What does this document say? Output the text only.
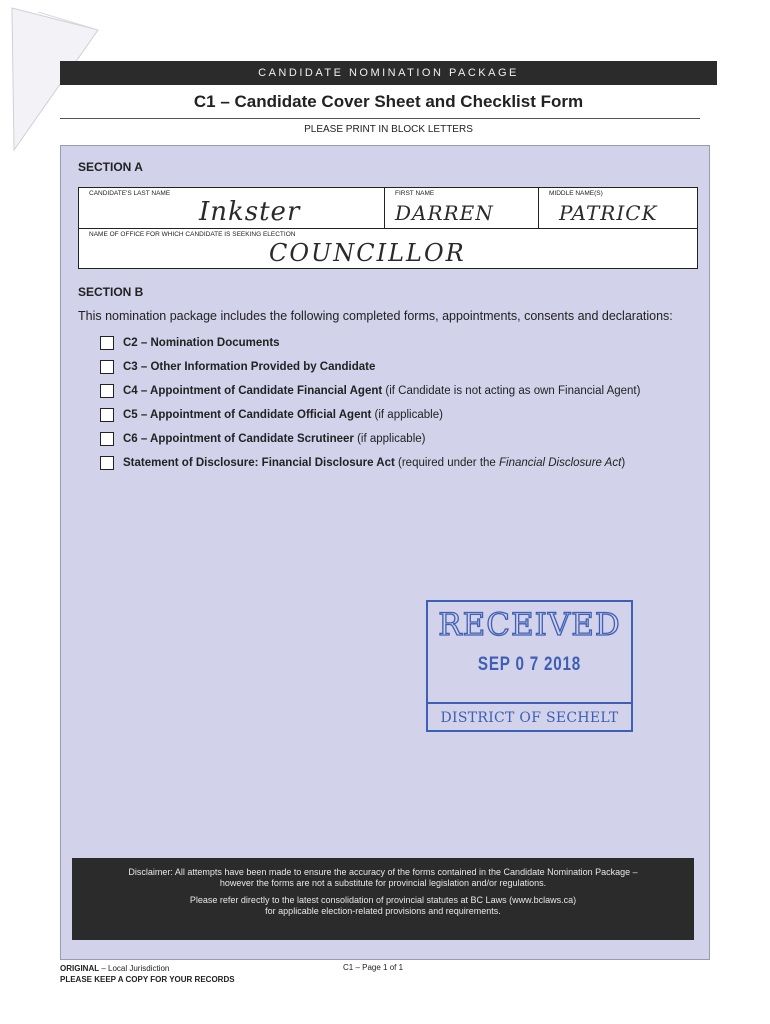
CANDIDATE NOMINATION PACKAGE
C1 – Candidate Cover Sheet and Checklist Form
PLEASE PRINT IN BLOCK LETTERS
SECTION A
CANDIDATE'S LAST NAME
Inkster
FIRST NAME
DARREN
MIDDLE NAME(S)
PATRICK
NAME OF OFFICE FOR WHICH CANDIDATE IS SEEKING ELECTION
COUNCILLOR
SECTION B
This nomination package includes the following completed forms, appointments, consents and declarations:
C2 – Nomination Documents
C3 – Other Information Provided by Candidate
C4 – Appointment of Candidate Financial Agent (if Candidate is not acting as own Financial Agent)
C5 – Appointment of Candidate Official Agent (if applicable)
C6 – Appointment of Candidate Scrutineer (if applicable)
Statement of Disclosure: Financial Disclosure Act (required under the Financial Disclosure Act )
RECEIVED
SEP 0 7 2018
DISTRICT OF SECHELT

Disclaimer: All attempts have been made to ensure the accuracy of the forms contained in the Candidate Nomination Package –

however the forms are not a substitute for provincial legislation and/or regulations.

Please refer directly to the latest consolidation of provincial statutes at BC Laws (www.bclaws.ca)

for applicable election-related provisions and requirements.

ORIGINAL – Local Jurisdiction
PLEASE KEEP A COPY FOR YOUR RECORDS
C1 – Page 1 of 1
